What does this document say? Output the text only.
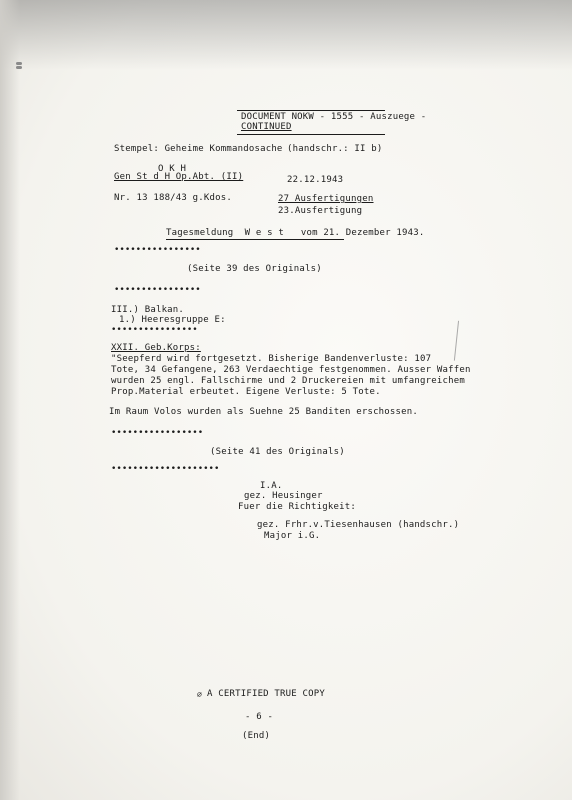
DOCUMENT NOKW - 1555 - Auszuege -
CONTINUED
Stempel: Geheime Kommandosache (handschr.: II b)
O K H
Gen St d H Op.Abt. (II)	22.12.1943
Nr. 13 188/43 g.Kdos.	27 Ausfertigungen
23.Ausfertigung
Tagesmeldung  W e s t   vom 21. Dezember 1943.
••••••••••••••••
(Seite 39 des Originals)
••••••••••••••••
III.) Balkan.
1.) Heeresgruppe E:
••••••••••••••••
XXII. Geb.Korps:
"Seepferd wird fortgesetzt. Bisherige Bandenverluste: 107
Tote, 34 Gefangene, 263 Verdaechtige festgenommen. Ausser Waffen
wurden 25 engl. Fallschirme und 2 Druckereien mit umfangreichem
Prop.Material erbeutet. Eigene Verluste: 5 Tote.
Im Raum Volos wurden als Suehne 25 Banditen erschossen.
•••••••••••••••••
(Seite 41 des Originals)
••••••••••••••••••••
I.A.
gez. Heusinger
Fuer die Richtigkeit:
gez. Frhr.v.Tiesenhausen (handschr.)
Major i.G.
⌀ A CERTIFIED TRUE COPY
- 6 -
(End)
